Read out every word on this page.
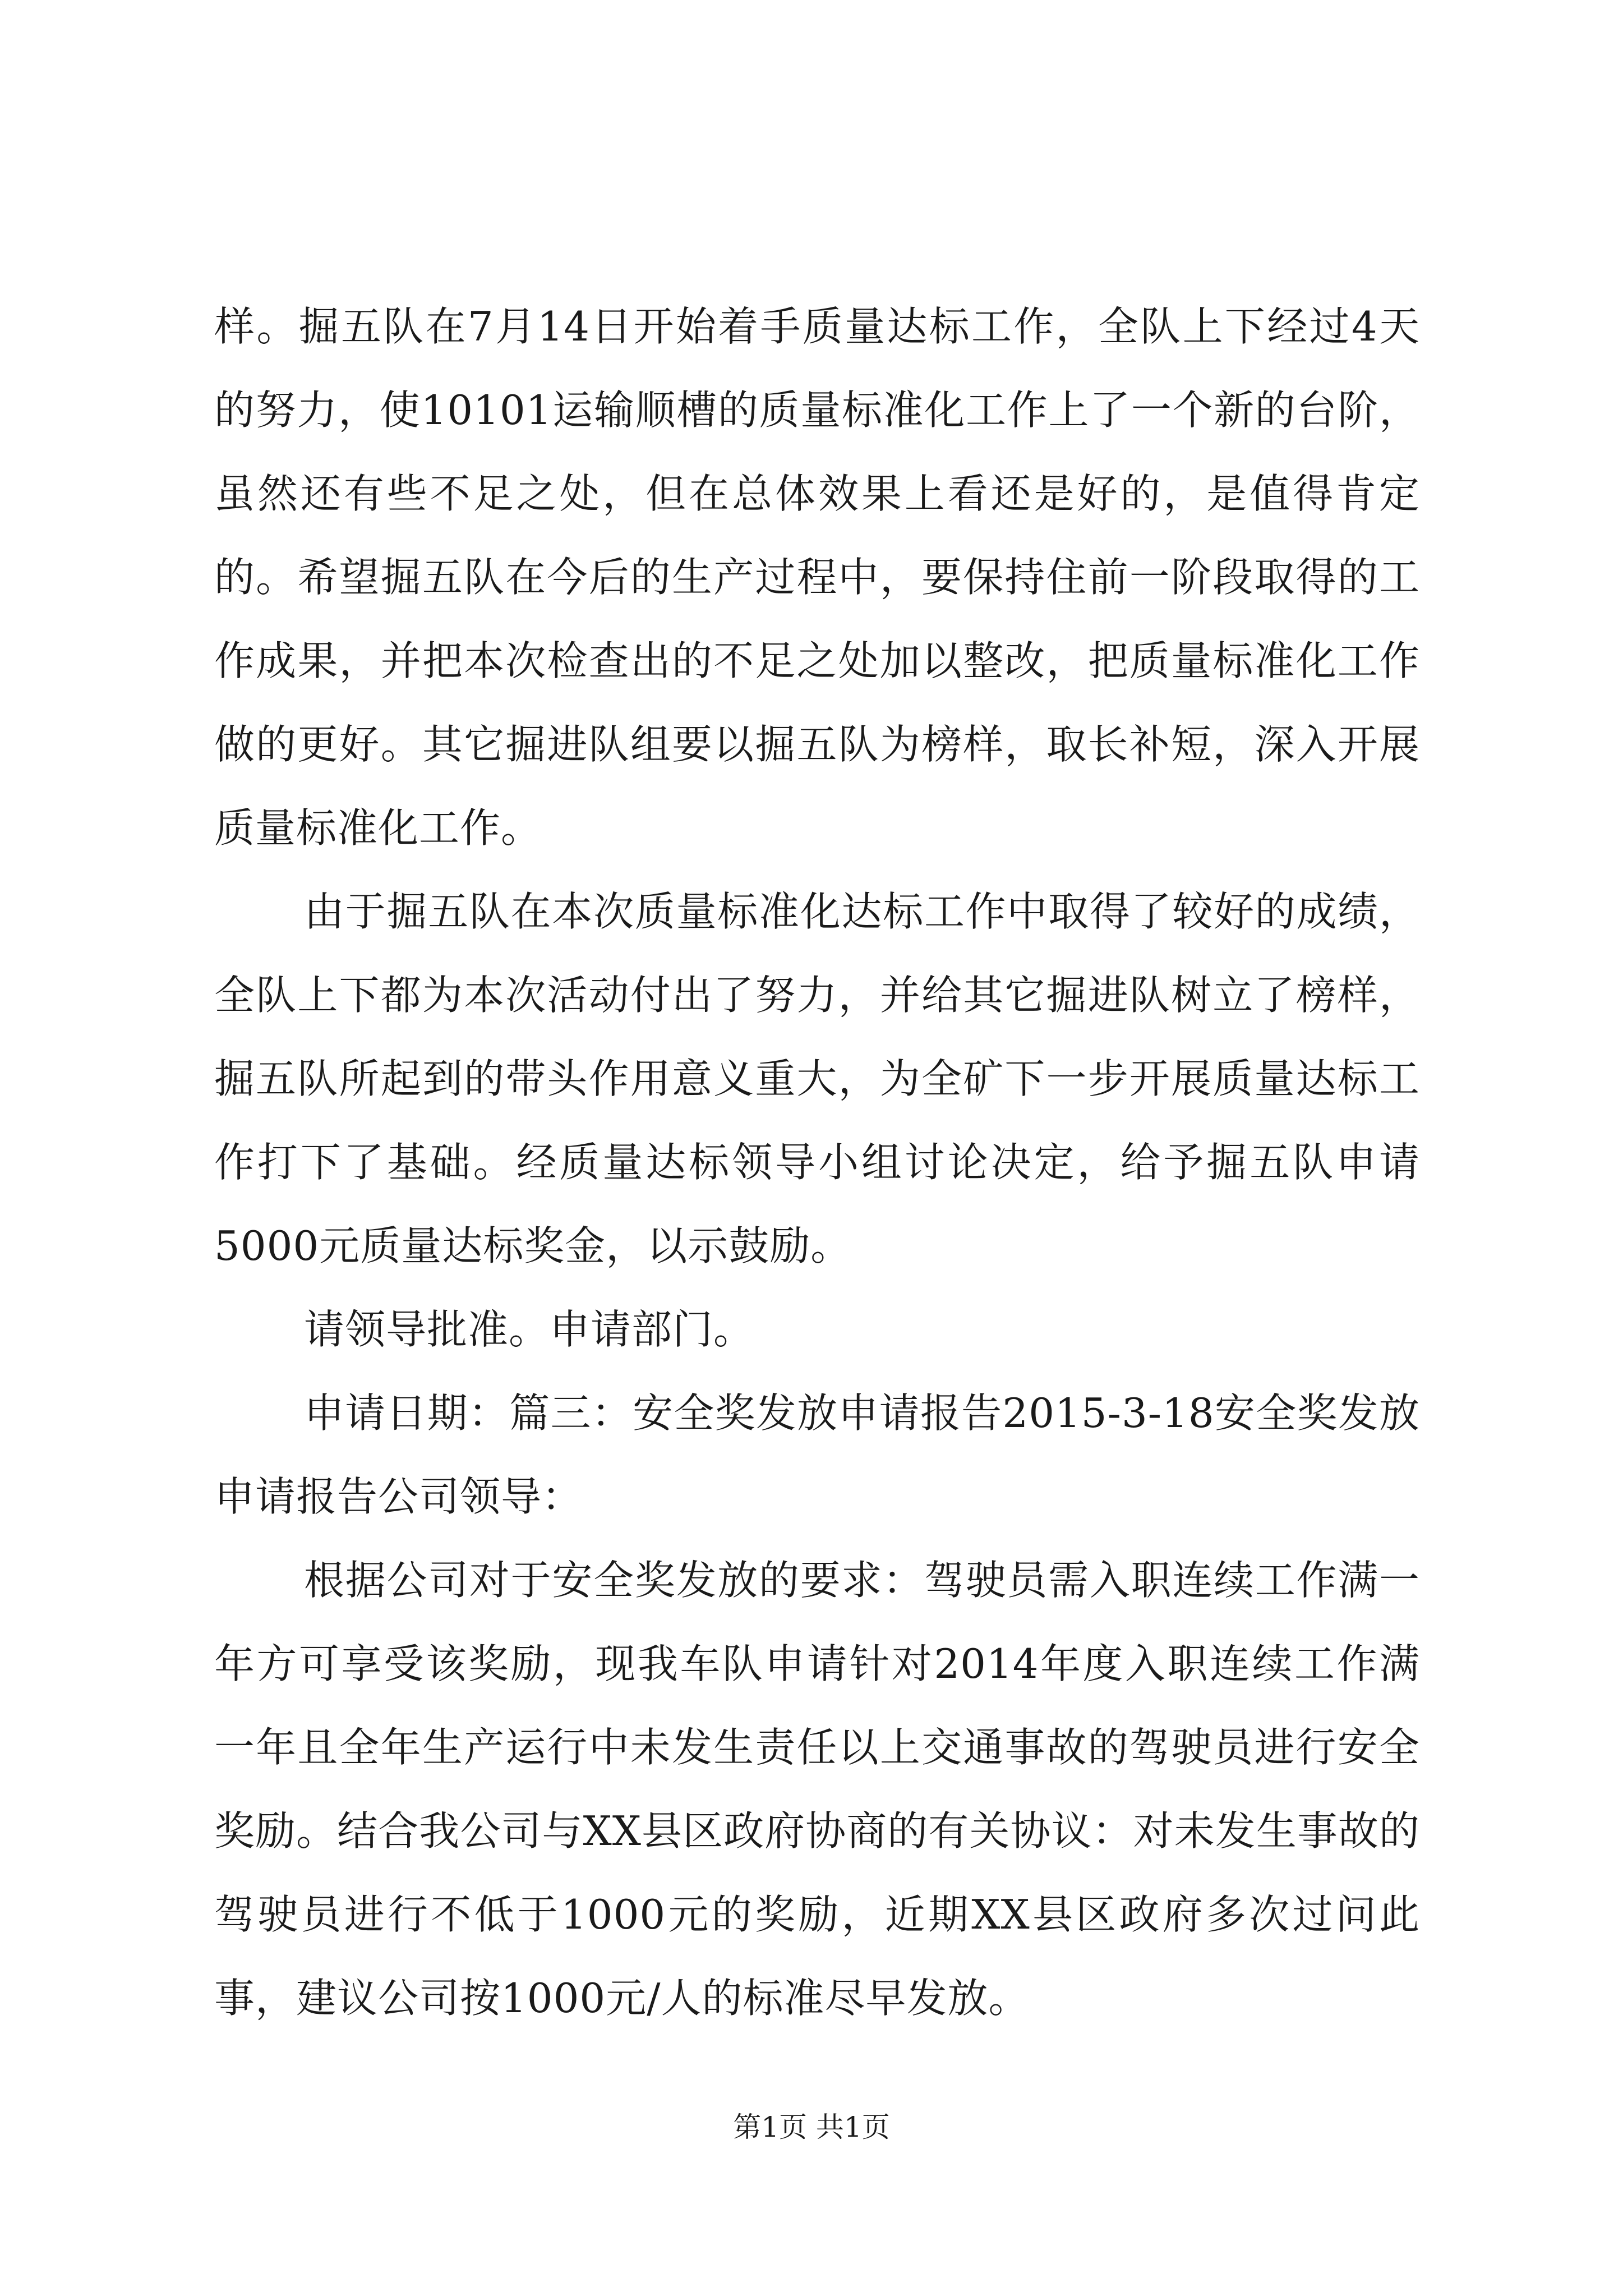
样。掘五队在7月14日开始着手质量达标工作，全队上下经过4天的努力，使10101运输顺槽的质量标准化工作上了一个新的台阶，虽然还有些不足之处，但在总体效果上看还是好的，是值得肯定的。希望掘五队在今后的生产过程中，要保持住前一阶段取得的工作成果，并把本次检查出的不足之处加以整改，把质量标准化工作做的更好。其它掘进队组要以掘五队为榜样，取长补短，深入开展质量标准化工作。

由于掘五队在本次质量标准化达标工作中取得了较好的成绩，全队上下都为本次活动付出了努力，并给其它掘进队树立了榜样，掘五队所起到的带头作用意义重大，为全矿下一步开展质量达标工作打下了基础。经质量达标领导小组讨论决定，给予掘五队申请5000元质量达标奖金，以示鼓励。

请领导批准。申请部门。

申请日期：篇三：安全奖发放申请报告2015-3-18安全奖发放申请报告公司领导：

根据公司对于安全奖发放的要求：驾驶员需入职连续工作满一年方可享受该奖励，现我车队申请针对2014年度入职连续工作满一年且全年生产运行中未发生责任以上交通事故的驾驶员进行安全奖励。结合我公司与XX县区政府协商的有关协议：对未发生事故的驾驶员进行不低于1000元的奖励，近期XX县区政府多次过问此事，建议公司按1000元/人的标准尽早发放。

第1页 共1页
